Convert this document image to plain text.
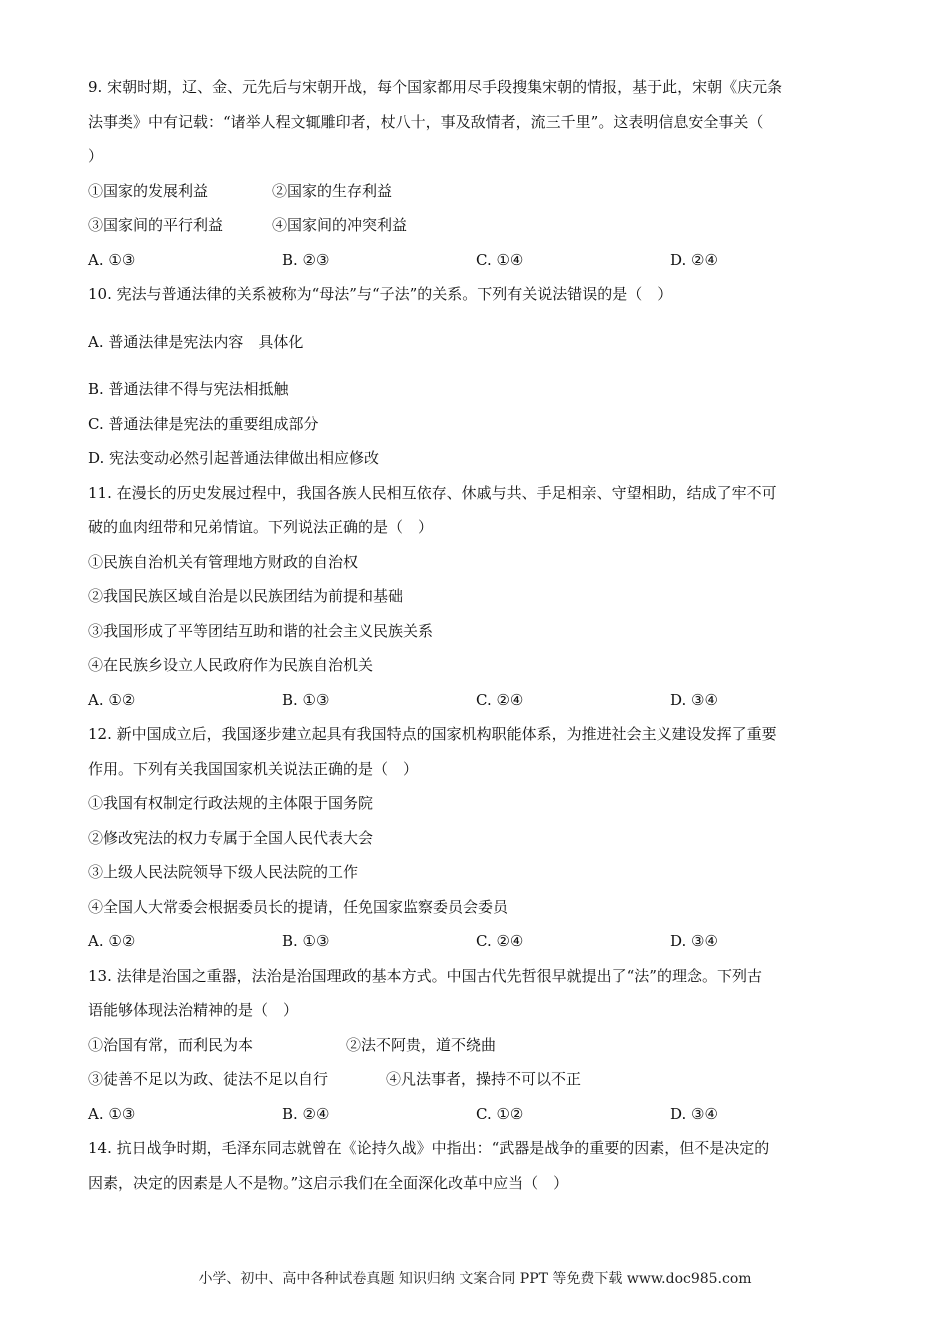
9. 宋朝时期，辽、金、元先后与宋朝开战，每个国家都用尽手段搜集宋朝的情报，基于此，宋朝《庆元条
法事类》中有记载：“诸举人程文辄雕印者，杖八十，事及敌情者，流三千里”。这表明信息安全事关（
）
①国家的发展利益	②国家的生存利益
③国家间的平行利益	④国家间的冲突利益
A. ①③	B. ②③	C. ①④	D. ②④
10. 宪法与普通法律的关系被称为“母法”与“子法”的关系。下列有关说法错误的是（　）
A. 普通法律是宪法内容　具体化
B. 普通法律不得与宪法相抵触
C. 普通法律是宪法的重要组成部分
D. 宪法变动必然引起普通法律做出相应修改
11. 在漫长的历史发展过程中，我国各族人民相互依存、休戚与共、手足相亲、守望相助，结成了牢不可
破的血肉纽带和兄弟情谊。下列说法正确的是（　）
①民族自治机关有管理地方财政的自治权
②我国民族区域自治是以民族团结为前提和基础
③我国形成了平等团结互助和谐的社会主义民族关系
④在民族乡设立人民政府作为民族自治机关
A. ①②	B. ①③	C. ②④	D. ③④
12. 新中国成立后，我国逐步建立起具有我国特点的国家机构职能体系，为推进社会主义建设发挥了重要
作用。下列有关我国国家机关说法正确的是（　）
①我国有权制定行政法规的主体限于国务院
②修改宪法的权力专属于全国人民代表大会
③上级人民法院领导下级人民法院的工作
④全国人大常委会根据委员长的提请，任免国家监察委员会委员
A. ①②	B. ①③	C. ②④	D. ③④
13. 法律是治国之重器，法治是治国理政的基本方式。中国古代先哲很早就提出了“法”的理念。下列古
语能够体现法治精神的是（　）
①治国有常，而利民为本	②法不阿贵，道不绕曲
③徒善不足以为政、徒法不足以自行	④凡法事者，操持不可以不正
A. ①③	B. ②④	C. ①②	D. ③④
14. 抗日战争时期，毛泽东同志就曾在《论持久战》中指出：“武器是战争的重要的因素，但不是决定的
因素，决定的因素是人不是物。”这启示我们在全面深化改革中应当（　）
小学、初中、高中各种试卷真题 知识归纳 文案合同 PPT 等免费下载 www.doc985.com
